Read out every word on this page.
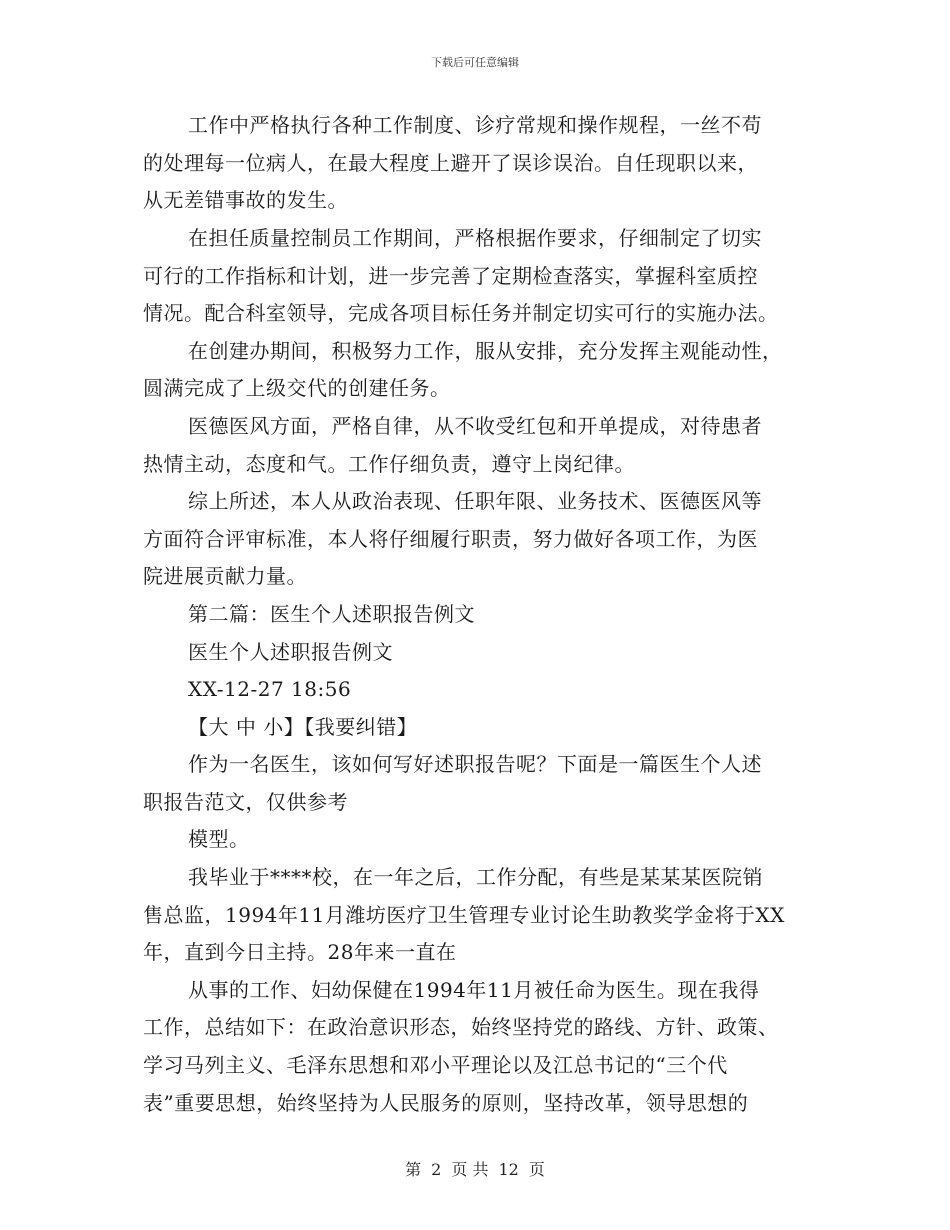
下载后可任意编辑
工作中严格执行各种工作制度、诊疗常规和操作规程，一丝不苟
的处理每一位病人，在最大程度上避开了误诊误治。自任现职以来，
从无差错事故的发生。
在担任质量控制员工作期间，严格根据作要求，仔细制定了切实
可行的工作指标和计划，进一步完善了定期检查落实，掌握科室质控
情况。配合科室领导，完成各项目标任务并制定切实可行的实施办法。
在创建办期间，积极努力工作，服从安排，充分发挥主观能动性，
圆满完成了上级交代的创建任务。
医德医风方面，严格自律，从不收受红包和开单提成，对待患者
热情主动，态度和气。工作仔细负责，遵守上岗纪律。
综上所述，本人从政治表现、任职年限、业务技术、医德医风等
方面符合评审标准，本人将仔细履行职责，努力做好各项工作，为医
院进展贡献力量。
第二篇：医生个人述职报告例文
医生个人述职报告例文
XX-12-27 18:56
【大 中 小】【我要纠错】
作为一名医生，该如何写好述职报告呢？下面是一篇医生个人述
职报告范文，仅供参考
模型。
我毕业于****校，在一年之后，工作分配，有些是某某某医院销
售总监，1994年11月潍坊医疗卫生管理专业讨论生助教奖学金将于XX
年，直到今日主持。28年来一直在
从事的工作、妇幼保健在1994年11月被任命为医生。现在我得
工作，总结如下：在政治意识形态，始终坚持党的路线、方针、政策、
学习马列主义、毛泽东思想和邓小平理论以及江总书记的“三个代
表”重要思想，始终坚持为人民服务的原则，坚持改革，领导思想的
第 2 页 共 12 页
